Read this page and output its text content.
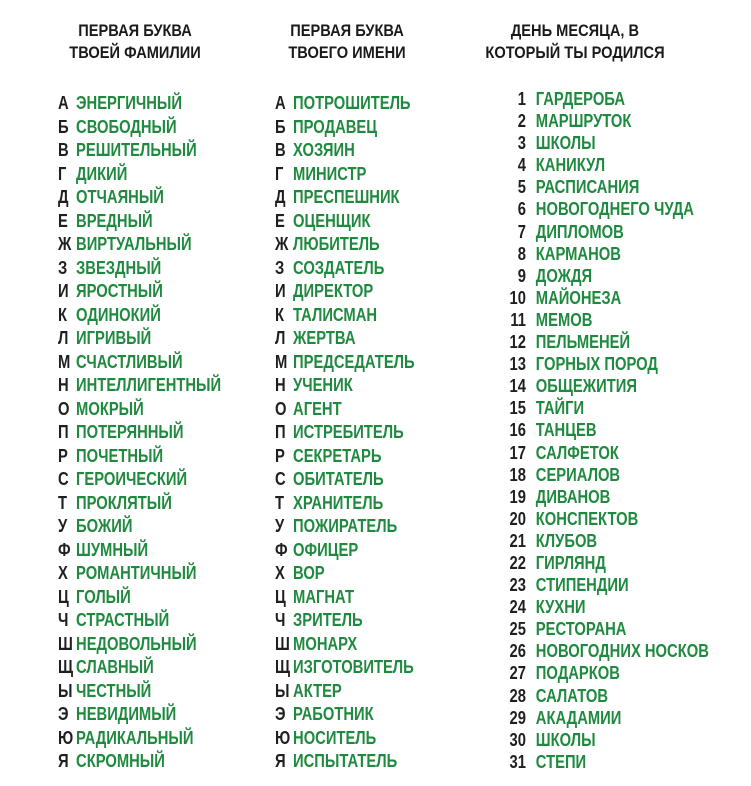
ПЕРВАЯ БУКВА
ТВОЕЙ ФАМИЛИИ
ПЕРВАЯ БУКВА
ТВОЕГО ИМЕНИ
ДЕНЬ МЕСЯЦА, В
КОТОРЫЙ ТЫ РОДИЛСЯ
А ЭНЕРГИЧНЫЙ
Б СВОБОДНЫЙ
В РЕШИТЕЛЬНЫЙ
Г ДИКИЙ
Д ОТЧАЯНЫЙ
Е ВРЕДНЫЙ
Ж ВИРТУАЛЬНЫЙ
З ЗВЕЗДНЫЙ
И ЯРОСТНЫЙ
К ОДИНОКИЙ
Л ИГРИВЫЙ
М СЧАСТЛИВЫЙ
Н ИНТЕЛЛИГЕНТНЫЙ
О МОКРЫЙ
П ПОТЕРЯННЫЙ
Р ПОЧЕТНЫЙ
С ГЕРОИЧЕСКИЙ
Т ПРОКЛЯТЫЙ
У БОЖИЙ
Ф ШУМНЫЙ
Х РОМАНТИЧНЫЙ
Ц ГОЛЫЙ
Ч СТРАСТНЫЙ
Ш НЕДОВОЛЬНЫЙ
Щ СЛАВНЫЙ
Ы ЧЕСТНЫЙ
Э НЕВИДИМЫЙ
Ю РАДИКАЛЬНЫЙ
Я СКРОМНЫЙ
А ПОТРОШИТЕЛЬ
Б ПРОДАВЕЦ
В ХОЗЯИН
Г МИНИСТР
Д ПРЕСПЕШНИК
Е ОЦЕНЩИК
Ж ЛЮБИТЕЛЬ
З СОЗДАТЕЛЬ
И ДИРЕКТОР
К ТАЛИСМАН
Л ЖЕРТВА
М ПРЕДСЕДАТЕЛЬ
Н УЧЕНИК
О АГЕНТ
П ИСТРЕБИТЕЛЬ
Р СЕКРЕТАРЬ
С ОБИТАТЕЛЬ
Т ХРАНИТЕЛЬ
У ПОЖИРАТЕЛЬ
Ф ОФИЦЕР
Х ВОР
Ц МАГНАТ
Ч ЗРИТЕЛЬ
Ш МОНАРХ
Щ ИЗГОТОВИТЕЛЬ
Ы АКТЕР
Э РАБОТНИК
Ю НОСИТЕЛЬ
Я ИСПЫТАТЕЛЬ
1 ГАРДЕРОБА
2 МАРШРУТОК
3 ШКОЛЫ
4 КАНИКУЛ
5 РАСПИСАНИЯ
6 НОВОГОДНЕГО ЧУДА
7 ДИПЛОМОВ
8 КАРМАНОВ
9 ДОЖДЯ
10 МАЙОНЕЗА
11 МЕМОВ
12 ПЕЛЬМЕНЕЙ
13 ГОРНЫХ ПОРОД
14 ОБЩЕЖИТИЯ
15 ТАЙГИ
16 ТАНЦЕВ
17 САЛФЕТОК
18 СЕРИАЛОВ
19 ДИВАНОВ
20 КОНСПЕКТОВ
21 КЛУБОВ
22 ГИРЛЯНД
23 СТИПЕНДИИ
24 КУХНИ
25 РЕСТОРАНА
26 НОВОГОДНИХ НОСКОВ
27 ПОДАРКОВ
28 САЛАТОВ
29 АКАДАМИИ
30 ШКОЛЫ
31 СТЕПИ
